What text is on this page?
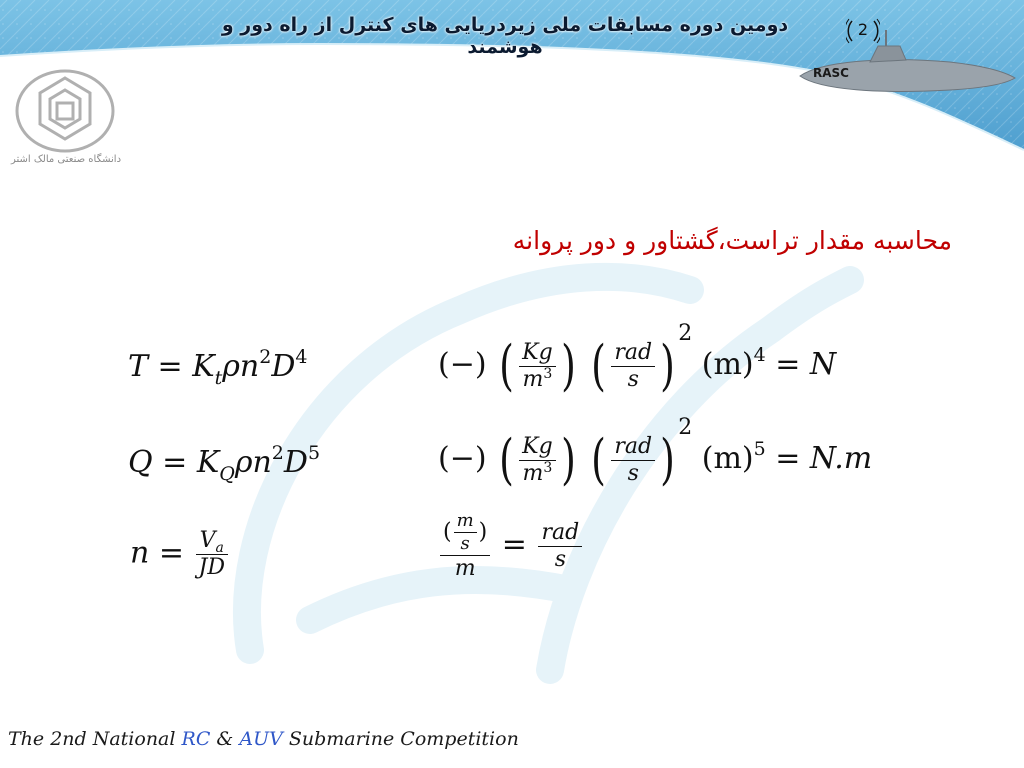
دومین دوره مسابقات ملی زیردریایی های کنترل از راه دور و هوشمند
2
RASC
دانشگاه صنعتی مالک اشتر
محاسبه مقدار تراست،گشتاور و دور پروانه
$T = K_t\rho n^2D^4$	(−) ( $\frac{Kg}{m^3}$ ) ( $\frac{\text{rad}}{s} )^2$ $(m)^4 = N$
$Q = K_Q\rho n^2D^5$	(−) ( $\frac{Kg}{m^3}$ ) ( $\frac{\text{rad}}{s} )^2$ $(m)^5 = N.m$
$n = \frac{V_a}{JD}$	$\frac{( \frac{m}{s} )}{m} = \frac{\text{rad}}{s}$
The 2nd National RC & AUV Submarine Competition
